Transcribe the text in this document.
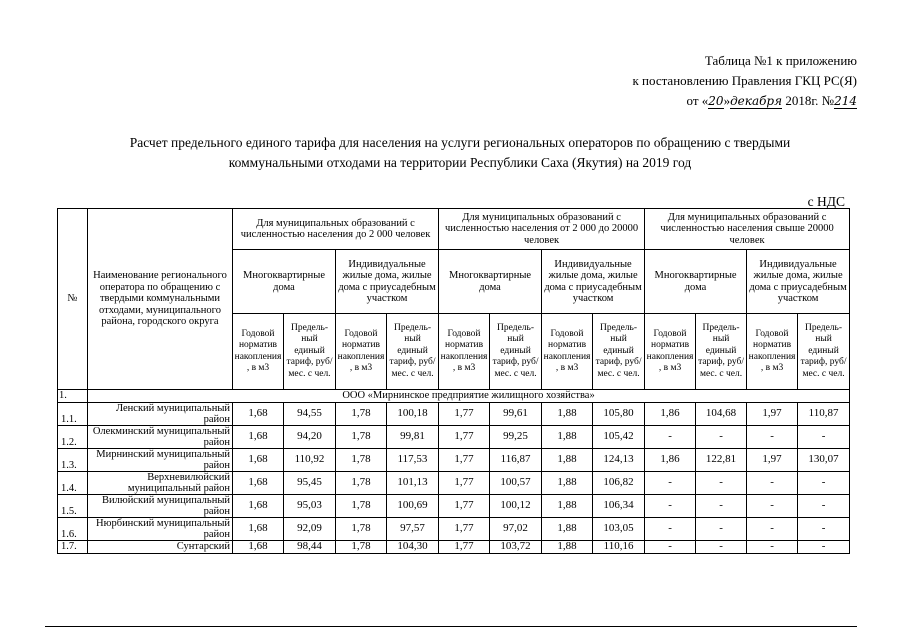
Таблица №1 к приложению
к постановлению Правления ГКЦ РС(Я)
от «20»декабря 2018г. №214
Расчет предельного единого тарифа для населения на услуги региональных операторов по обращению с твердыми
коммунальными отходами на территории Республики Саха (Якутия) на 2019 год
с НДС
№	Наименование регионального оператора по обращению с твердыми коммунальными отходами, муниципального района, городского округа	Для муниципальных образований с численностью населения до 2 000 человек				Для муниципальных образований с численностью населения от 2 000 до 20000 человек				Для муниципальных образований с численностью населения свыше 20000 человек			
		Многоквартирные дома		Индивидуальные жилые дома, жилые дома с приусадебным участком		Многоквартирные дома		Индивидуальные жилые дома, жилые дома с приусадебным участком		Многоквартирные дома		Индивидуальные жилые дома, жилые дома с приусадебным участком	
		Годовой норматив накопления , в м3	Предель-ный единый тариф, руб/мес. с чел.	Годовой норматив накопления , в м3	Предель-ный единый тариф, руб/мес. с чел.	Годовой норматив накопления , в м3	Предель-ный единый тариф, руб/мес. с чел.	Годовой норматив накопления , в м3	Предель-ный единый тариф, руб/мес. с чел.	Годовой норматив накопления , в м3	Предель-ный единый тариф, руб/мес. с чел.	Годовой норматив накопления , в м3	Предель-ный единый тариф, руб/мес. с чел.
1.	ООО «Мирнинское предприятие жилищного хозяйства»												
1.1.	Ленский муниципальный район	1,68	94,55	1,78	100,18	1,77	99,61	1,88	105,80	1,86	104,68	1,97	110,87
1.2.	Олекминский муниципальный район	1,68	94,20	1,78	99,81	1,77	99,25	1,88	105,42	-	-	-	-
1.3.	Мирнинский муниципальный район	1,68	110,92	1,78	117,53	1,77	116,87	1,88	124,13	1,86	122,81	1,97	130,07
1.4.	Верхневилюйский муниципальный район	1,68	95,45	1,78	101,13	1,77	100,57	1,88	106,82	-	-	-	-
1.5.	Вилюйский муниципальный район	1,68	95,03	1,78	100,69	1,77	100,12	1,88	106,34	-	-	-	-
1.6.	Нюрбинский муниципальный район	1,68	92,09	1,78	97,57	1,77	97,02	1,88	103,05	-	-	-	-
1.7.	Сунтарский	1,68	98,44	1,78	104,30	1,77	103,72	1,88	110,16	-	-	-	-
